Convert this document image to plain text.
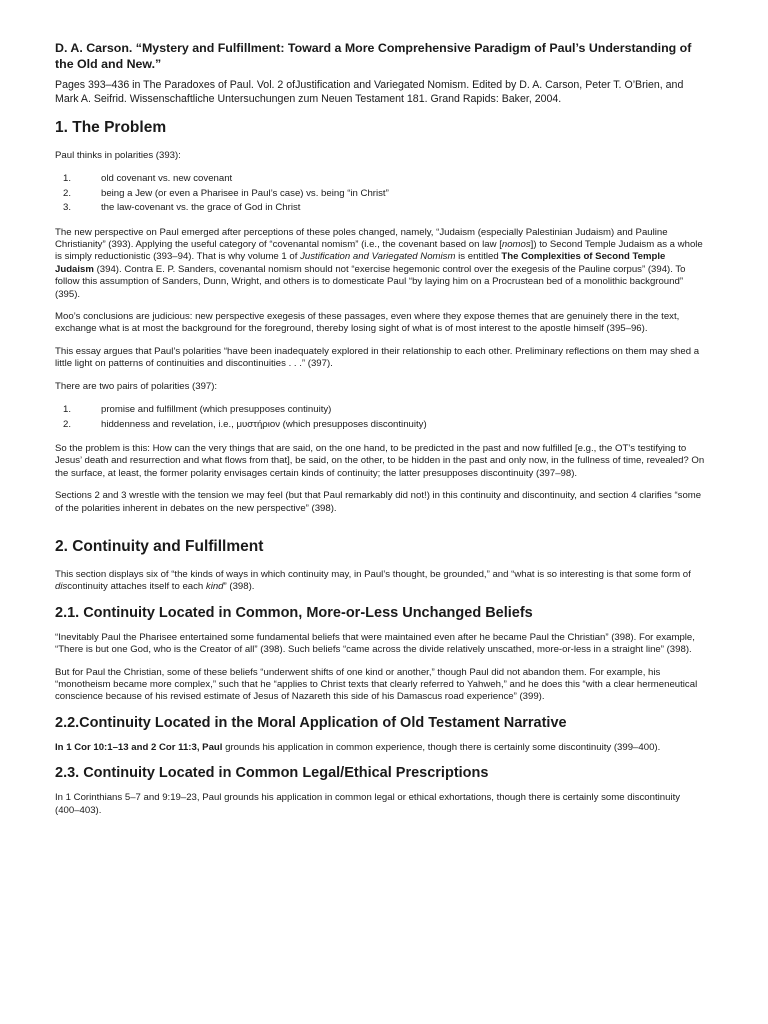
D. A. Carson. “Mystery and Fulfillment: Toward a More Comprehensive Paradigm of Paul’s Understanding of the Old and New.”

Pages 393–436 in The Paradoxes of Paul. Vol. 2 ofJustification and Variegated Nomism. Edited by D. A. Carson, Peter T. O’Brien, and Mark A. Seifrid. Wissenschaftliche Untersuchungen zum Neuen Testament 181. Grand Rapids: Baker, 2004.

1. The Problem

Paul thinks in polarities (393):

1.	old covenant vs. new covenant
2.	being a Jew (or even a Pharisee in Paul’s case) vs. being “in Christ”
3.	the law-covenant vs. the grace of God in Christ

The new perspective on Paul emerged after perceptions of these poles changed, namely, “Judaism (especially Palestinian Judaism) and Pauline Christianity” (393). Applying the useful category of “covenantal nomism” (i.e., the covenant based on law [nomos]) to Second Temple Judaism as a whole is simply reductionistic (393–94). That is why volume 1 of Justification and Variegated Nomism is entitled The Complexities of Second Temple Judaism (394). Contra E. P. Sanders, covenantal nomism should not “exercise hegemonic control over the exegesis of the Pauline corpus” (394). To follow this assumption of Sanders, Dunn, Wright, and others is to domesticate Paul “by laying him on a Procrustean bed of a monolithic background” (395).

Moo’s conclusions are judicious: new perspective exegesis of these passages, even where they expose themes that are genuinely there in the text, exchange what is at most the background for the foreground, thereby losing sight of what is of most interest to the apostle himself (395–96).

This essay argues that Paul’s polarities “have been inadequately explored in their relationship to each other. Preliminary reflections on them may shed a little light on patterns of continuities and discontinuities . . .” (397).

There are two pairs of polarities (397):

1.	promise and fulfillment (which presupposes continuity)
2.	hiddenness and revelation, i.e., μυστήριον (which presupposes discontinuity)

So the problem is this: How can the very things that are said, on the one hand, to be predicted in the past and now fulfilled [e.g., the OT’s testifying to Jesus’ death and resurrection and what flows from that], be said, on the other, to be hidden in the past and only now, in the fullness of time, revealed? On the surface, at least, the former polarity envisages certain kinds of continuity; the latter presupposes discontinuity (397–98).

Sections 2 and 3 wrestle with the tension we may feel (but that Paul remarkably did not!) in this continuity and discontinuity, and section 4 clarifies “some of the polarities inherent in debates on the new perspective” (398).

2. Continuity and Fulfillment

This section displays six of “the kinds of ways in which continuity may, in Paul’s thought, be grounded,” and “what is so interesting is that some form of discontinuity attaches itself to each kind” (398).

2.1. Continuity Located in Common, More-or-Less Unchanged Beliefs

“Inevitably Paul the Pharisee entertained some fundamental beliefs that were maintained even after he became Paul the Christian” (398). For example, “There is but one God, who is the Creator of all” (398). Such beliefs “came across the divide relatively unscathed, more-or-less in a straight line” (398).

But for Paul the Christian, some of these beliefs “underwent shifts of one kind or another,” though Paul did not abandon them. For example, his “monotheism became more complex,” such that he “applies to Christ texts that clearly referred to Yahweh,” and he does this “with a clear hermeneutical conscience because of his revised estimate of Jesus of Nazareth this side of his Damascus road experience” (399).

2.2.Continuity Located in the Moral Application of Old Testament Narrative

In 1 Cor 10:1–13 and 2 Cor 11:3, Paul grounds his application in common experience, though there is certainly some discontinuity (399–400).

2.3. Continuity Located in Common Legal/Ethical Prescriptions

In 1 Corinthians 5–7 and 9:19–23, Paul grounds his application in common legal or ethical exhortations, though there is certainly some discontinuity (400–403).
